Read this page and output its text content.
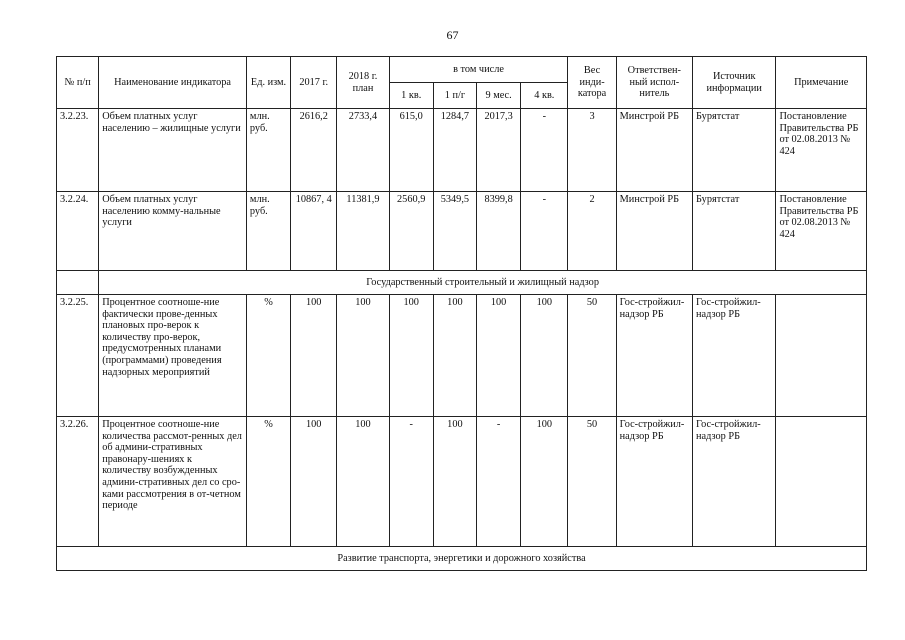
67
№ п/п	Наименование индикатора	Ед. изм.	2017 г.	2018 г. план	в том числе				Вес инди-катора	Ответствен-ный испол-нитель	Источник информации	Примечание
					1 кв.	1 п/г	9 мес.	4 кв.				
3.2.23.	Объем платных услуг населению – жилищные услуги	млн. руб.	2616,2	2733,4	615,0	1284,7	2017,3	-	3	Минстрой РБ	Бурятстат	Постановление Правительства РБ от 02.08.2013 № 424
3.2.24.	Объем платных услуг населению комму-нальные услуги	млн. руб.	10867, 4	11381,9	2560,9	5349,5	8399,8	-	2	Минстрой РБ	Бурятстат	Постановление Правительства РБ от 02.08.2013 № 424
	Государственный строительный и жилищный надзор											
3.2.25.	Процентное соотноше-ние фактически прове-денных плановых про-верок к количеству про-верок, предусмотренных планами (программами) проведения надзорных мероприятий	%	100	100	100	100	100	100	50	Гос-стройжил-надзор РБ	Гос-стройжил-надзор РБ	
3.2.26.	Процентное соотноше-ние количества рассмот-ренных дел об админи-стративных правонару-шениях к количеству возбужденных админи-стративных дел со сро-ками рассмотрения в от-четном периоде	%	100	100	-	100	-	100	50	Гос-стройжил-надзор РБ	Гос-стройжил-надзор РБ	
Развитие транспорта, энергетики и дорожного хозяйства												
